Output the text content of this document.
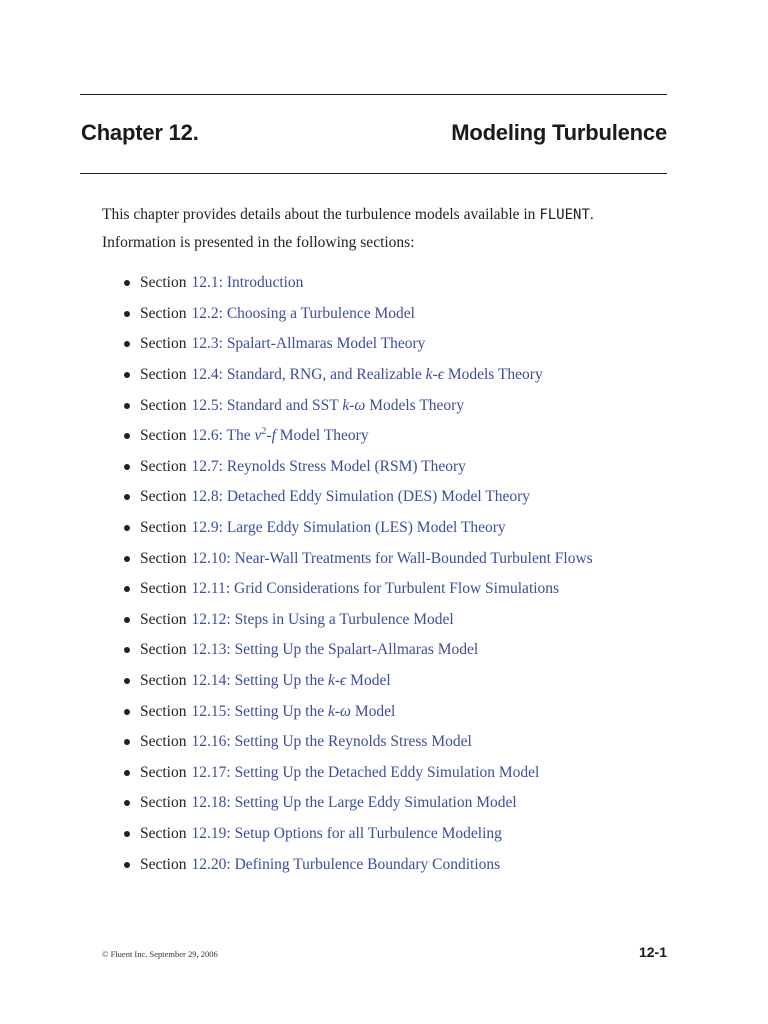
Chapter 12.	Modeling Turbulence
This chapter provides details about the turbulence models available in FLUENT.
Information is presented in the following sections:
Section 12.1: Introduction
Section 12.2: Choosing a Turbulence Model
Section 12.3: Spalart-Allmaras Model Theory
Section 12.4: Standard, RNG, and Realizable k-ϵ Models Theory
Section 12.5: Standard and SST k-ω Models Theory
Section 12.6: The $v^2-f$ Model Theory
Section 12.7: Reynolds Stress Model (RSM) Theory
Section 12.8: Detached Eddy Simulation (DES) Model Theory
Section 12.9: Large Eddy Simulation (LES) Model Theory
Section 12.10: Near-Wall Treatments for Wall-Bounded Turbulent Flows
Section 12.11: Grid Considerations for Turbulent Flow Simulations
Section 12.12: Steps in Using a Turbulence Model
Section 12.13: Setting Up the Spalart-Allmaras Model
Section 12.14: Setting Up the k-ϵ Model
Section 12.15: Setting Up the k-ω Model
Section 12.16: Setting Up the Reynolds Stress Model
Section 12.17: Setting Up the Detached Eddy Simulation Model
Section 12.18: Setting Up the Large Eddy Simulation Model
Section 12.19: Setup Options for all Turbulence Modeling
Section 12.20: Defining Turbulence Boundary Conditions
© Fluent Inc. September 29, 2006	12-1
